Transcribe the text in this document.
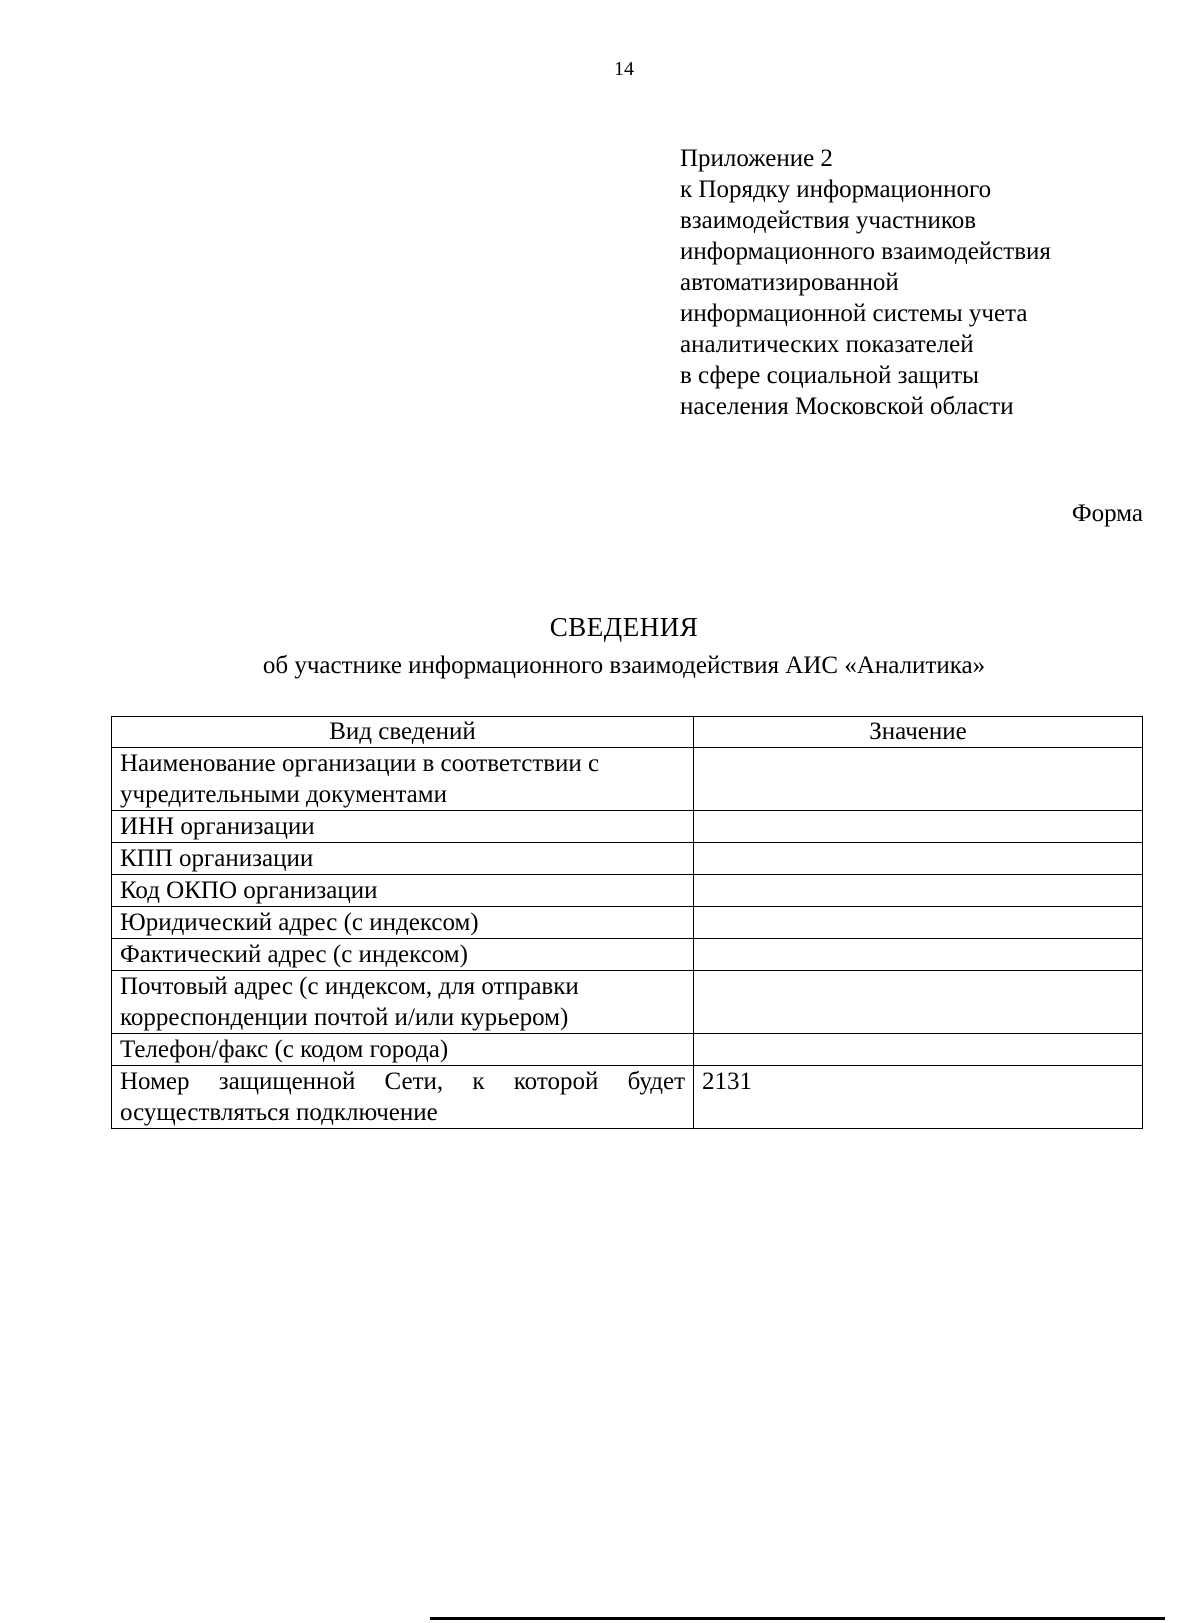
14
Приложение 2
к Порядку информационного
взаимодействия участников
информационного взаимодействия
автоматизированной
информационной системы учета
аналитических показателей
в сфере социальной защиты
населения Московской области
Форма
СВЕДЕНИЯ
об участнике информационного взаимодействия АИС «Аналитика»
Вид сведений	Значение
Наименование организации в соответствии с учредительными документами	
ИНН организации	
КПП организации	
Код ОКПО организации	
Юридический адрес (с индексом)	
Фактический адрес (с индексом)	
Почтовый адрес (с индексом, для отправки корреспонденции почтой и/или курьером)	
Телефон/факс (с кодом города)	
Номер защищенной Сети, к которой будет осуществляться подключение	2131
